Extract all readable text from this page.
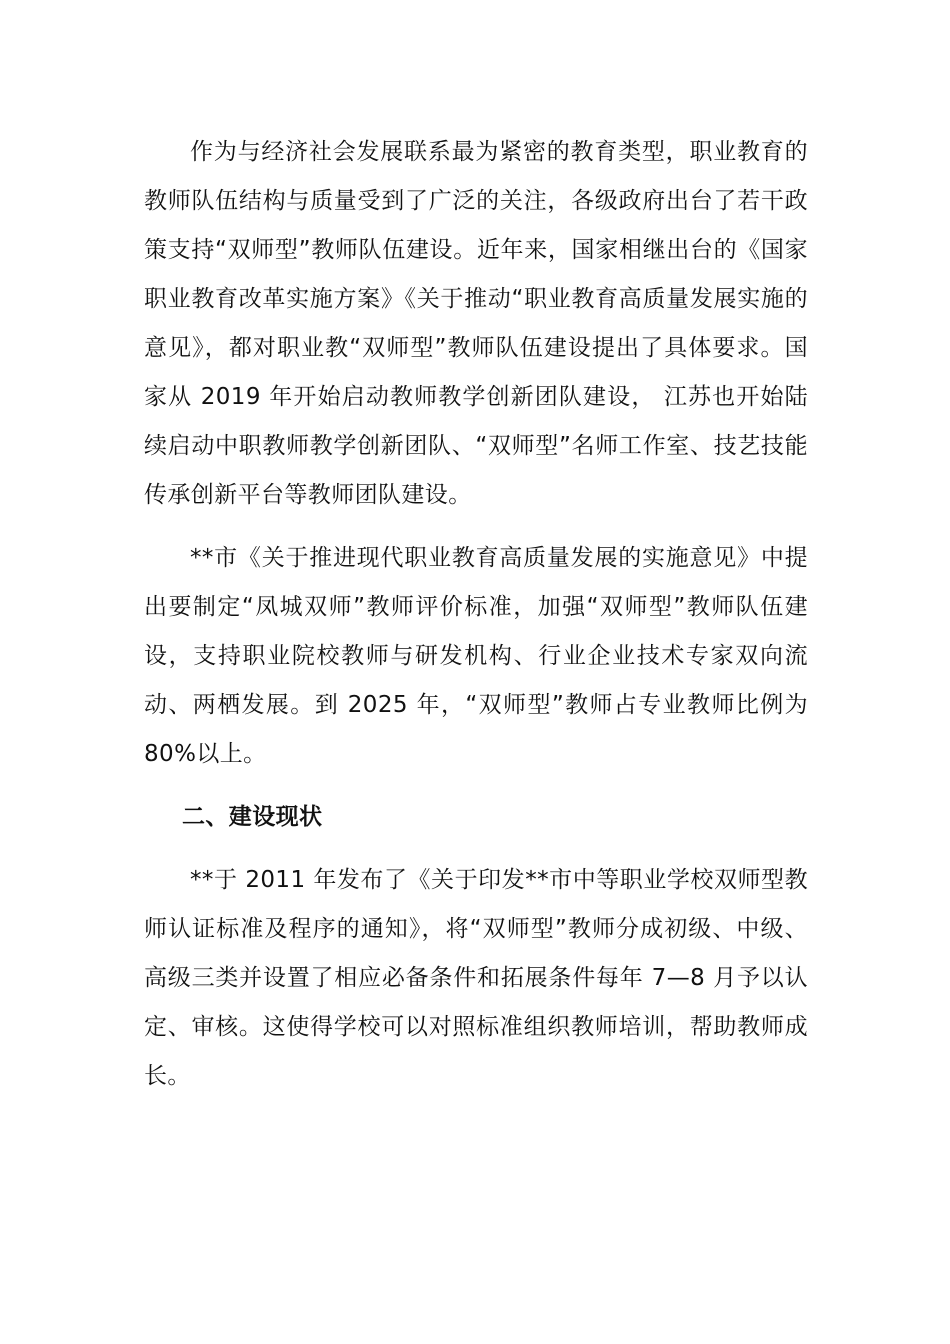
作为与经济社会发展联系最为紧密的教育类型，职业教育的教师队伍结构与质量受到了广泛的关注，各级政府出台了若干政策支持“双师型”教师队伍建设。近年来，国家相继出台的《国家职业教育改革实施方案》《关于推动“职业教育高质量发展实施的意见》，都对职业教“双师型”教师队伍建设提出了具体要求。国家从 2019 年开始启动教师教学创新团队建设， 江苏也开始陆续启动中职教师教学创新团队、“双师型”名师工作室、技艺技能传承创新平台等教师团队建设。

**市《关于推进现代职业教育高质量发展的实施意见》中提出要制定“凤城双师”教师评价标准，加强“双师型”教师队伍建设，支持职业院校教师与研发机构、行业企业技术专家双向流动、两栖发展。到 2025 年，“双师型”教师占专业教师比例为 80%以上。

二、建设现状

**于 2011 年发布了《关于印发**市中等职业学校双师型教师认证标准及程序的通知》，将“双师型”教师分成初级、中级、高级三类并设置了相应必备条件和拓展条件每年 7—8 月予以认定、审核。这使得学校可以对照标准组织教师培训，帮助教师成长。
